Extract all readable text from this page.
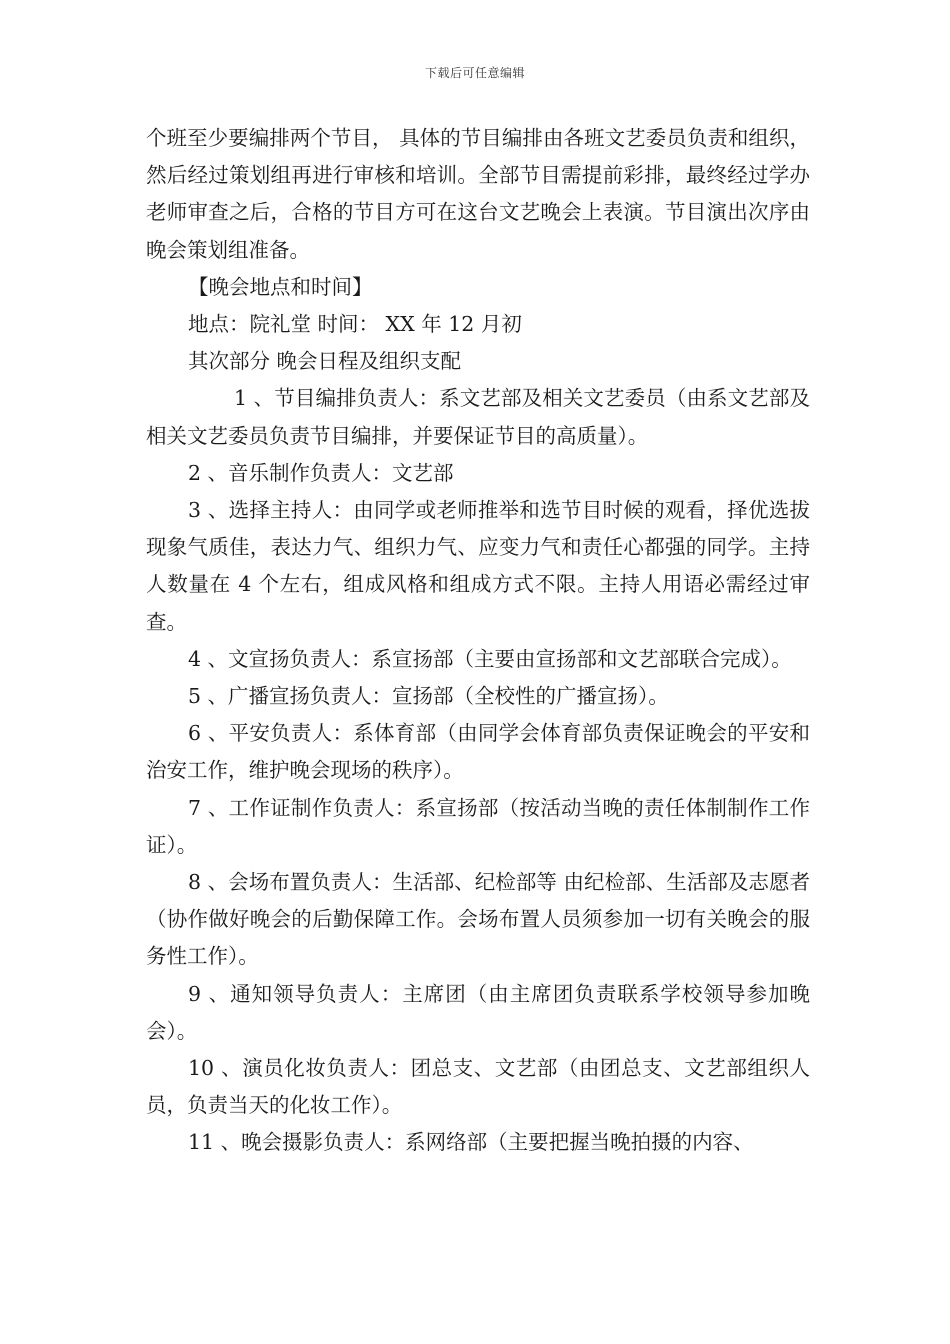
下载后可任意编辑

个班至少要编排两个节目， 具体的节目编排由各班文艺委员负责和组织，然后经过策划组再进行审核和培训。全部节目需提前彩排，最终经过学办老师审查之后，合格的节目方可在这台文艺晚会上表演。节目演出次序由晚会策划组准备。

【晚会地点和时间】

地点：院礼堂 时间： XX 年 12 月初

其次部分 晚会日程及组织支配

1 、节目编排负责人：系文艺部及相关文艺委员（由系文艺部及相关文艺委员负责节目编排，并要保证节目的高质量）。

2 、音乐制作负责人：文艺部

3 、选择主持人：由同学或老师推举和选节目时候的观看，择优选拔现象气质佳，表达力气、组织力气、应变力气和责任心都强的同学。主持人数量在 4 个左右，组成风格和组成方式不限。主持人用语必需经过审查。

4 、文宣扬负责人：系宣扬部（主要由宣扬部和文艺部联合完成）。

5 、广播宣扬负责人：宣扬部（全校性的广播宣扬）。

6 、平安负责人：系体育部（由同学会体育部负责保证晚会的平安和治安工作，维护晚会现场的秩序）。

7 、工作证制作负责人：系宣扬部（按活动当晚的责任体制制作工作证）。

8 、会场布置负责人：生活部、纪检部等 由纪检部、生活部及志愿者（协作做好晚会的后勤保障工作。会场布置人员须参加一切有关晚会的服务性工作）。

9 、通知领导负责人：主席团（由主席团负责联系学校领导参加晚会）。

10 、演员化妆负责人：团总支、文艺部（由团总支、文艺部组织人员，负责当天的化妆工作）。

11 、晚会摄影负责人：系网络部（主要把握当晚拍摄的内容、
